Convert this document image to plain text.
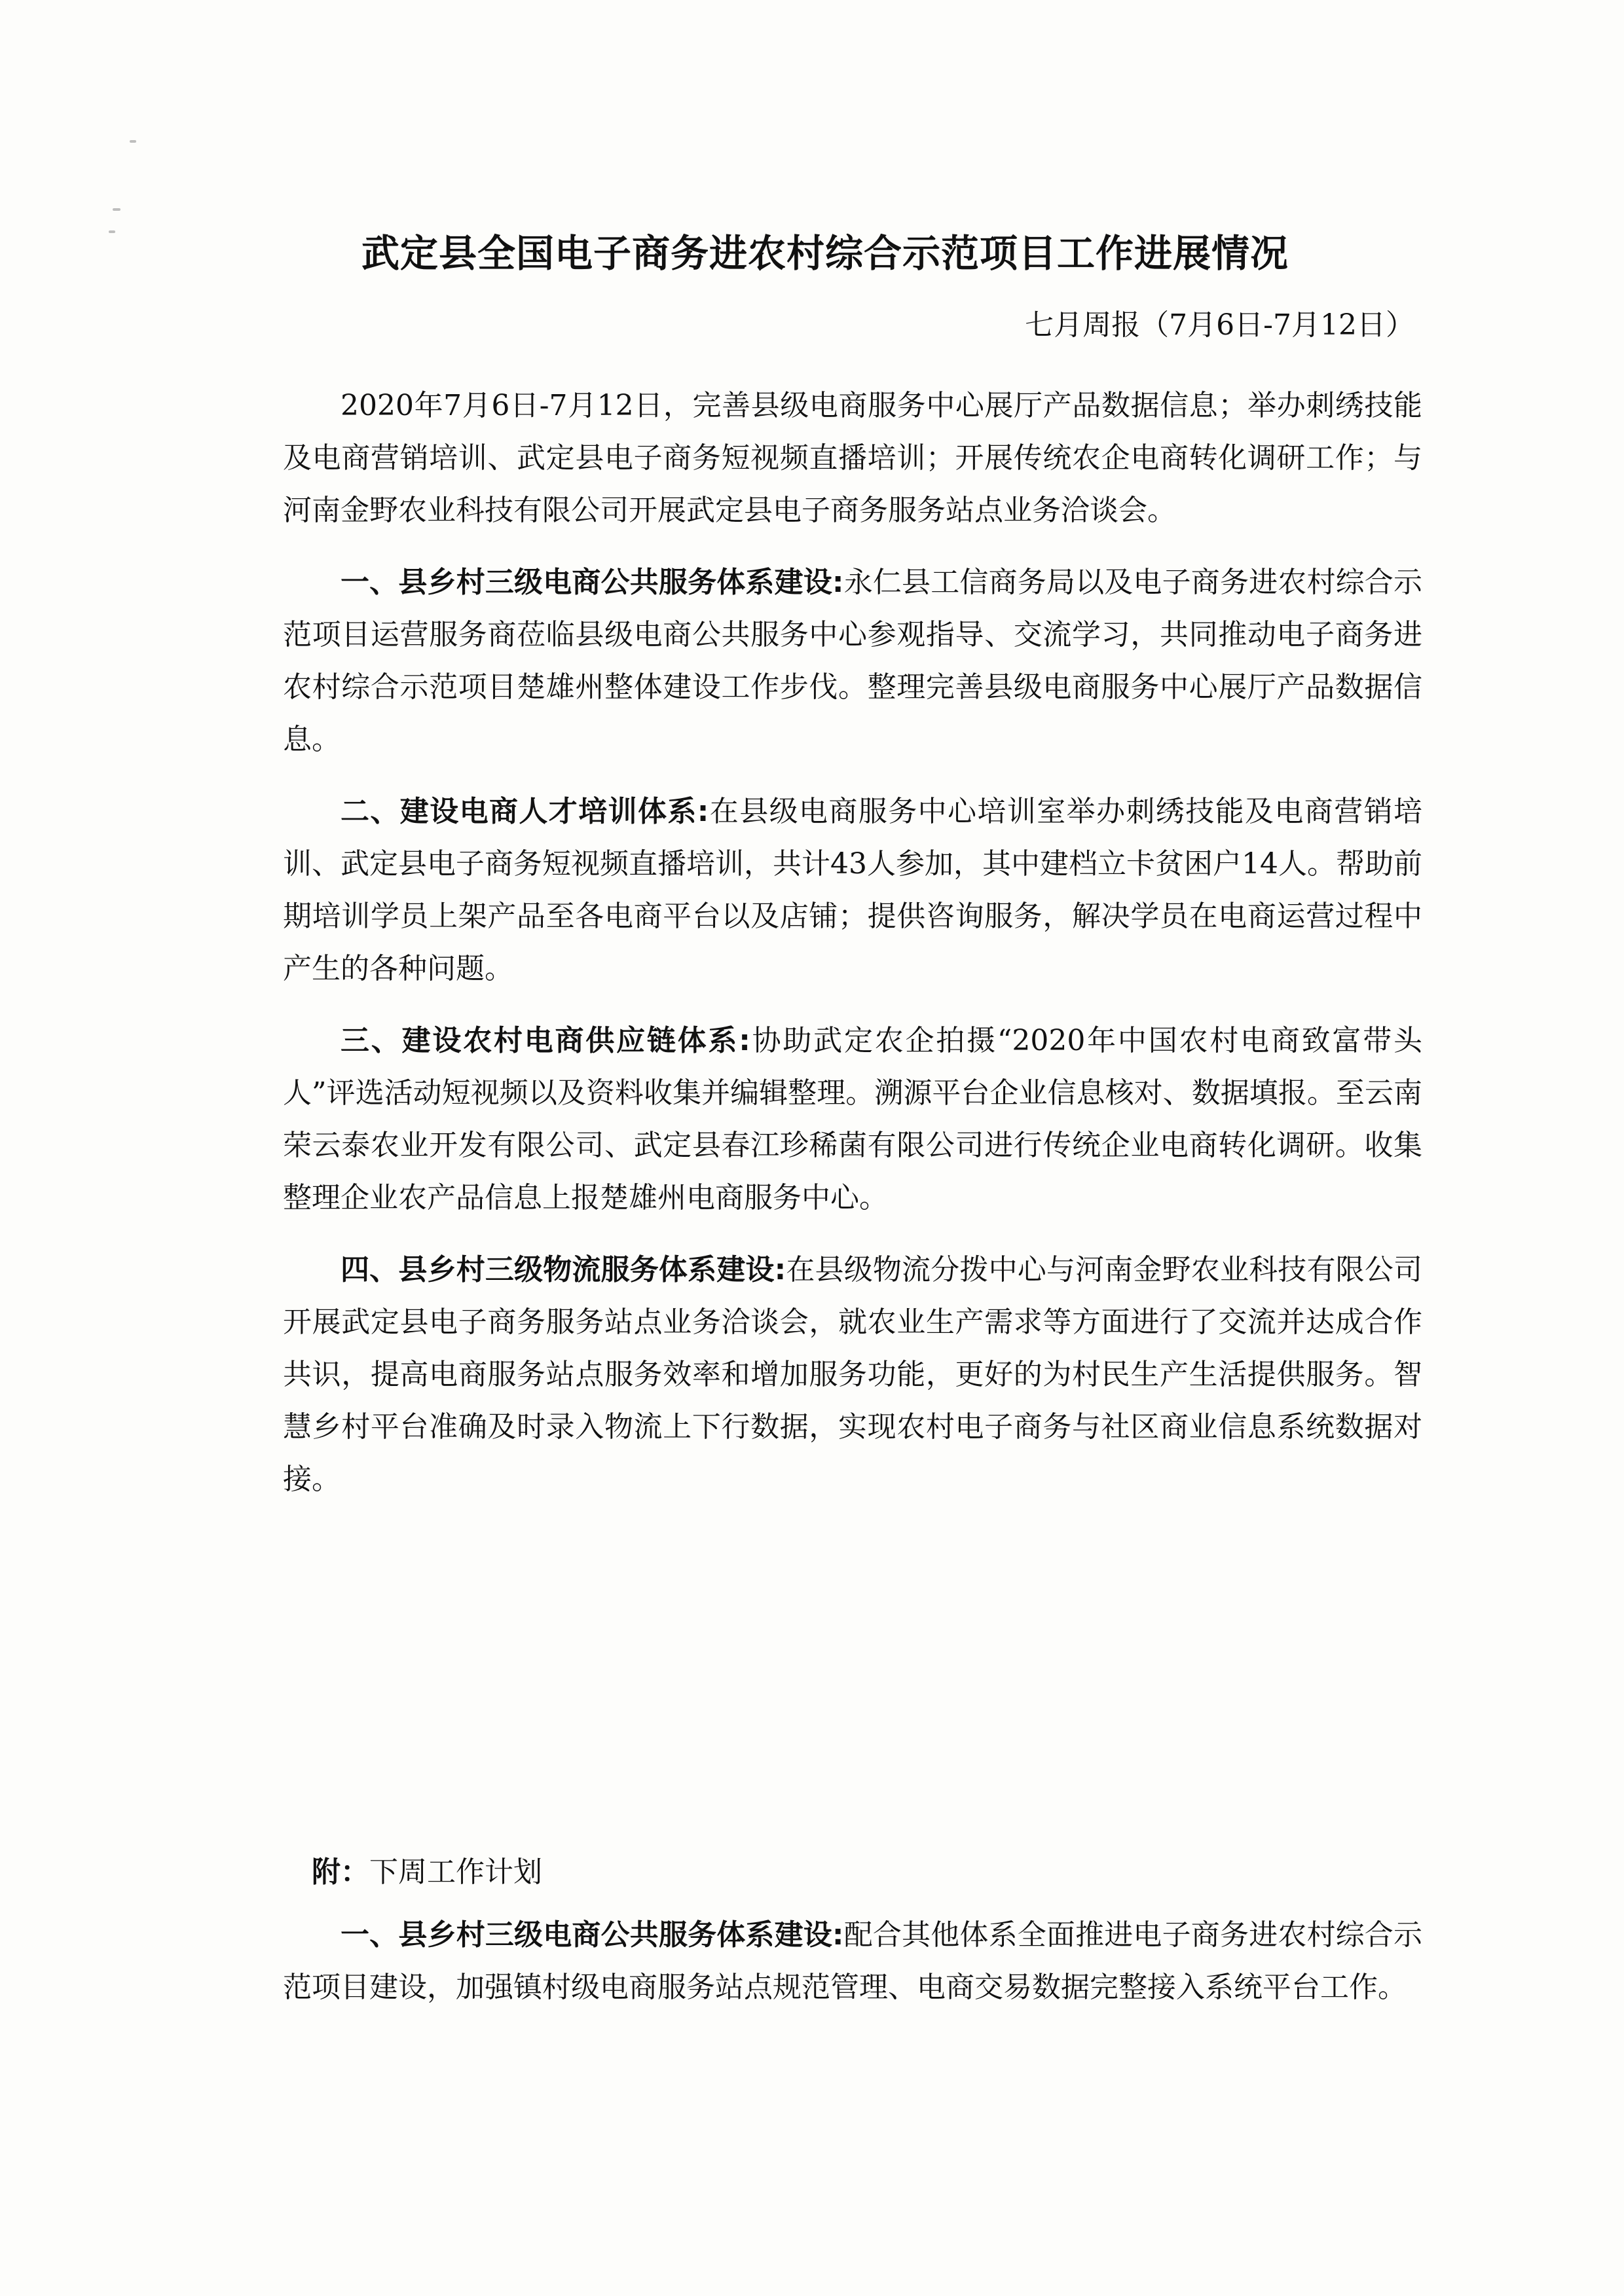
武定县全国电子商务进农村综合示范项目工作进展情况

七月周报（7月6日-7月12日）

2020年7月6日-7月12日，完善县级电商服务中心展厅产品数据信息；举办刺绣技能及电商营销培训、武定县电子商务短视频直播培训；开展传统农企电商转化调研工作；与河南金野农业科技有限公司开展武定县电子商务服务站点业务洽谈会。

一、县乡村三级电商公共服务体系建设:永仁县工信商务局以及电子商务进农村综合示范项目运营服务商莅临县级电商公共服务中心参观指导、交流学习，共同推动电子商务进农村综合示范项目楚雄州整体建设工作步伐。整理完善县级电商服务中心展厅产品数据信息。

二、建设电商人才培训体系:在县级电商服务中心培训室举办刺绣技能及电商营销培训、武定县电子商务短视频直播培训，共计43人参加，其中建档立卡贫困户14人。帮助前期培训学员上架产品至各电商平台以及店铺；提供咨询服务，解决学员在电商运营过程中产生的各种问题。

三、建设农村电商供应链体系:协助武定农企拍摄“2020年中国农村电商致富带头人”评选活动短视频以及资料收集并编辑整理。溯源平台企业信息核对、数据填报。至云南荣云泰农业开发有限公司、武定县春江珍稀菌有限公司进行传统企业电商转化调研。收集整理企业农产品信息上报楚雄州电商服务中心。

四、县乡村三级物流服务体系建设:在县级物流分拨中心与河南金野农业科技有限公司开展武定县电子商务服务站点业务洽谈会，就农业生产需求等方面进行了交流并达成合作共识，提高电商服务站点服务效率和增加服务功能，更好的为村民生产生活提供服务。智慧乡村平台准确及时录入物流上下行数据，实现农村电子商务与社区商业信息系统数据对接。

附：下周工作计划

一、县乡村三级电商公共服务体系建设:配合其他体系全面推进电子商务进农村综合示范项目建设，加强镇村级电商服务站点规范管理、电商交易数据完整接入系统平台工作。
